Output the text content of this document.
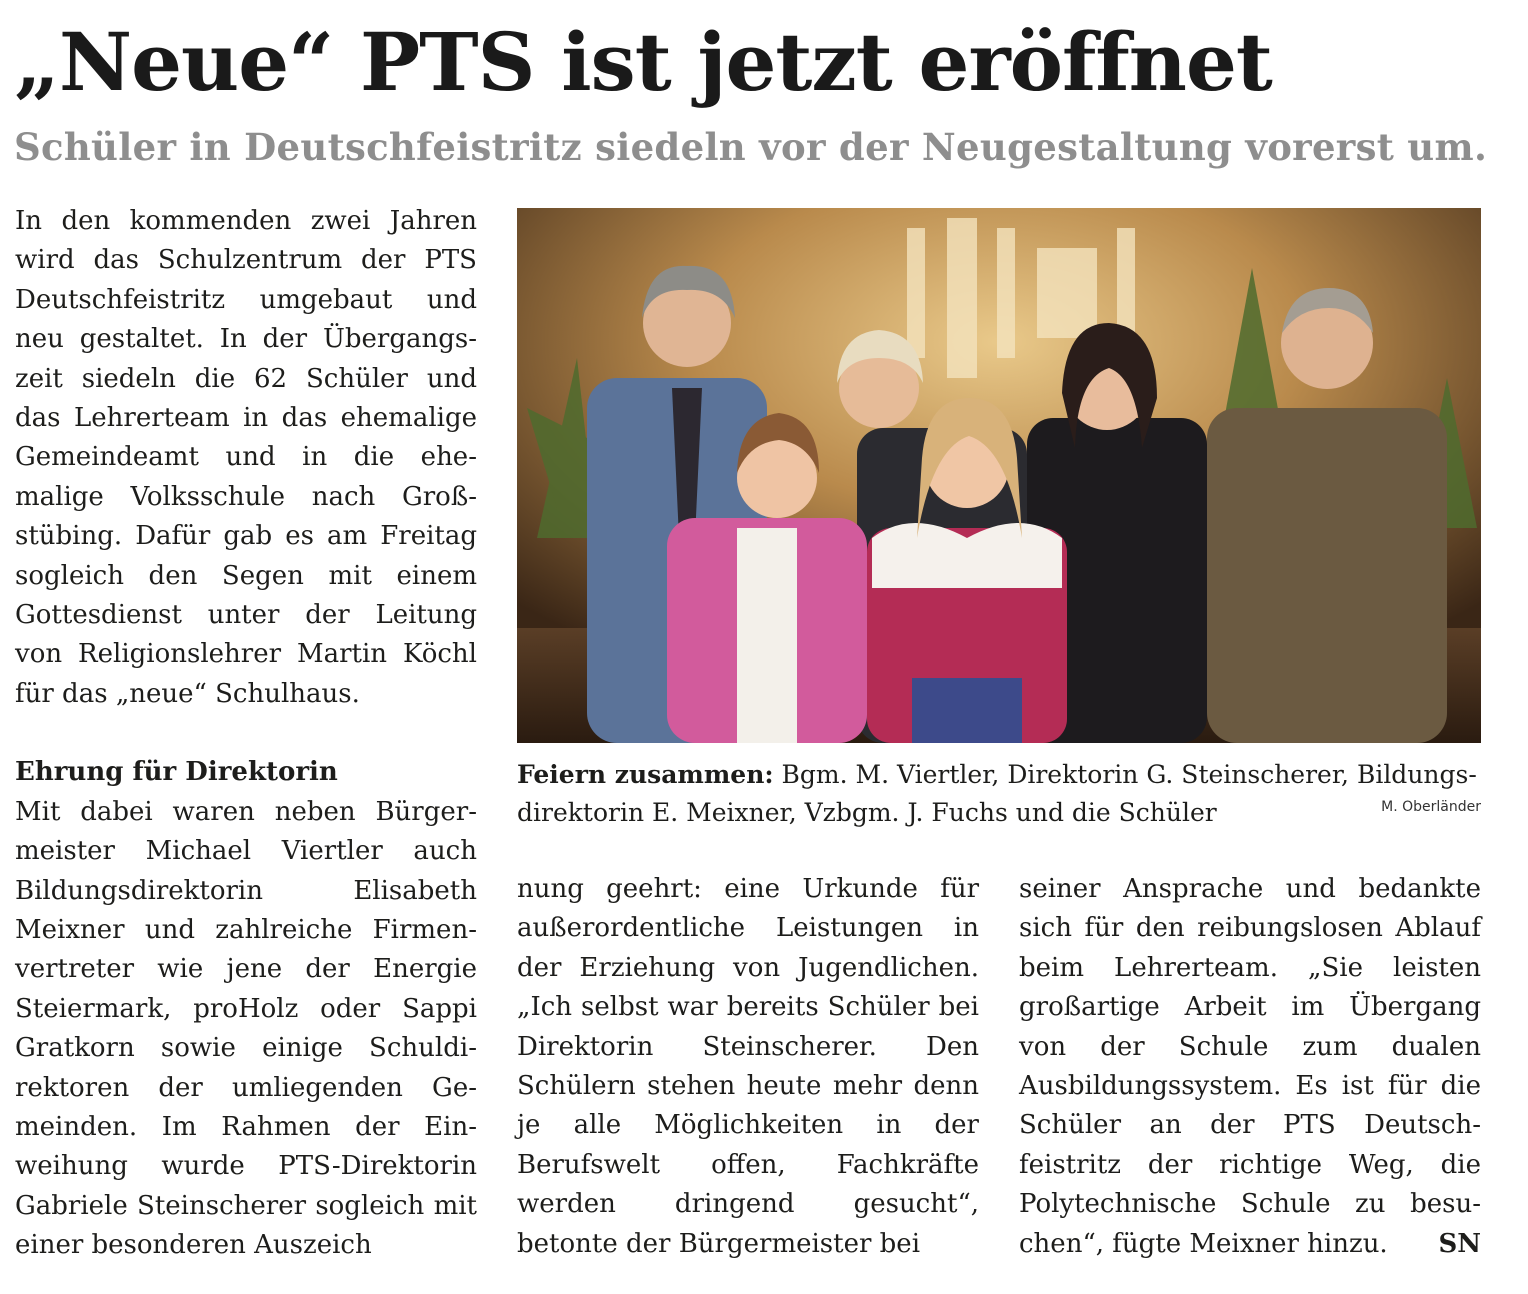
„Neue“ PTS ist jetzt eröffnet
Schüler in Deutschfeistritz siedeln vor der Neugestaltung vorerst um.

In den kommenden zwei Jahren wird das Schulzentrum der PTS Deutschfeistritz umgebaut und neu gestaltet. In der Übergangszeit siedeln die 62 Schüler und das Lehrerteam in das ehemalige Gemeindeamt und in die ehemalige Volksschule nach Großstübing. Dafür gab es am Freitag sogleich den Segen mit einem Gottesdienst unter der Leitung von Religionslehrer Martin Köchl für das „neue“ Schulhaus.

Ehrung für Direktorin

Mit dabei waren neben Bürgermeister Michael Viertler auch Bildungsdirektorin Elisabeth Meixner und zahlreiche Firmenvertreter wie jene der Energie Steiermark, proHolz oder Sappi Gratkorn sowie einige Schuldirektoren der umliegenden Gemeinden. Im Rahmen der Einweihung wurde PTS-Direktorin Gabriele Steinscherer sogleich mit einer besonderen Auszeich

Feiern zusammen: Bgm. M. Viertler, Direktorin G. Steinscherer, Bildungsdirektorin E. Meixner, Vzbgm. J. Fuchs und die Schüler	M. Oberländer

nung geehrt: eine Urkunde für außerordentliche Leistungen in der Erziehung von Jugendlichen. „Ich selbst war bereits Schüler bei Direktorin Steinscherer. Den Schülern stehen heute mehr denn je alle Möglichkeiten in der Berufswelt offen, Fachkräfte werden dringend gesucht“, betonte der Bürgermeister bei

seiner Ansprache und bedankte sich für den reibungslosen Ablauf beim Lehrerteam. „Sie leisten großartige Arbeit im Übergang von der Schule zum dualen Ausbildungssystem. Es ist für die Schüler an der PTS Deutschfeistritz der richtige Weg, die Polytechnische Schule zu besuchen“, fügte Meixner hinzu. SN
